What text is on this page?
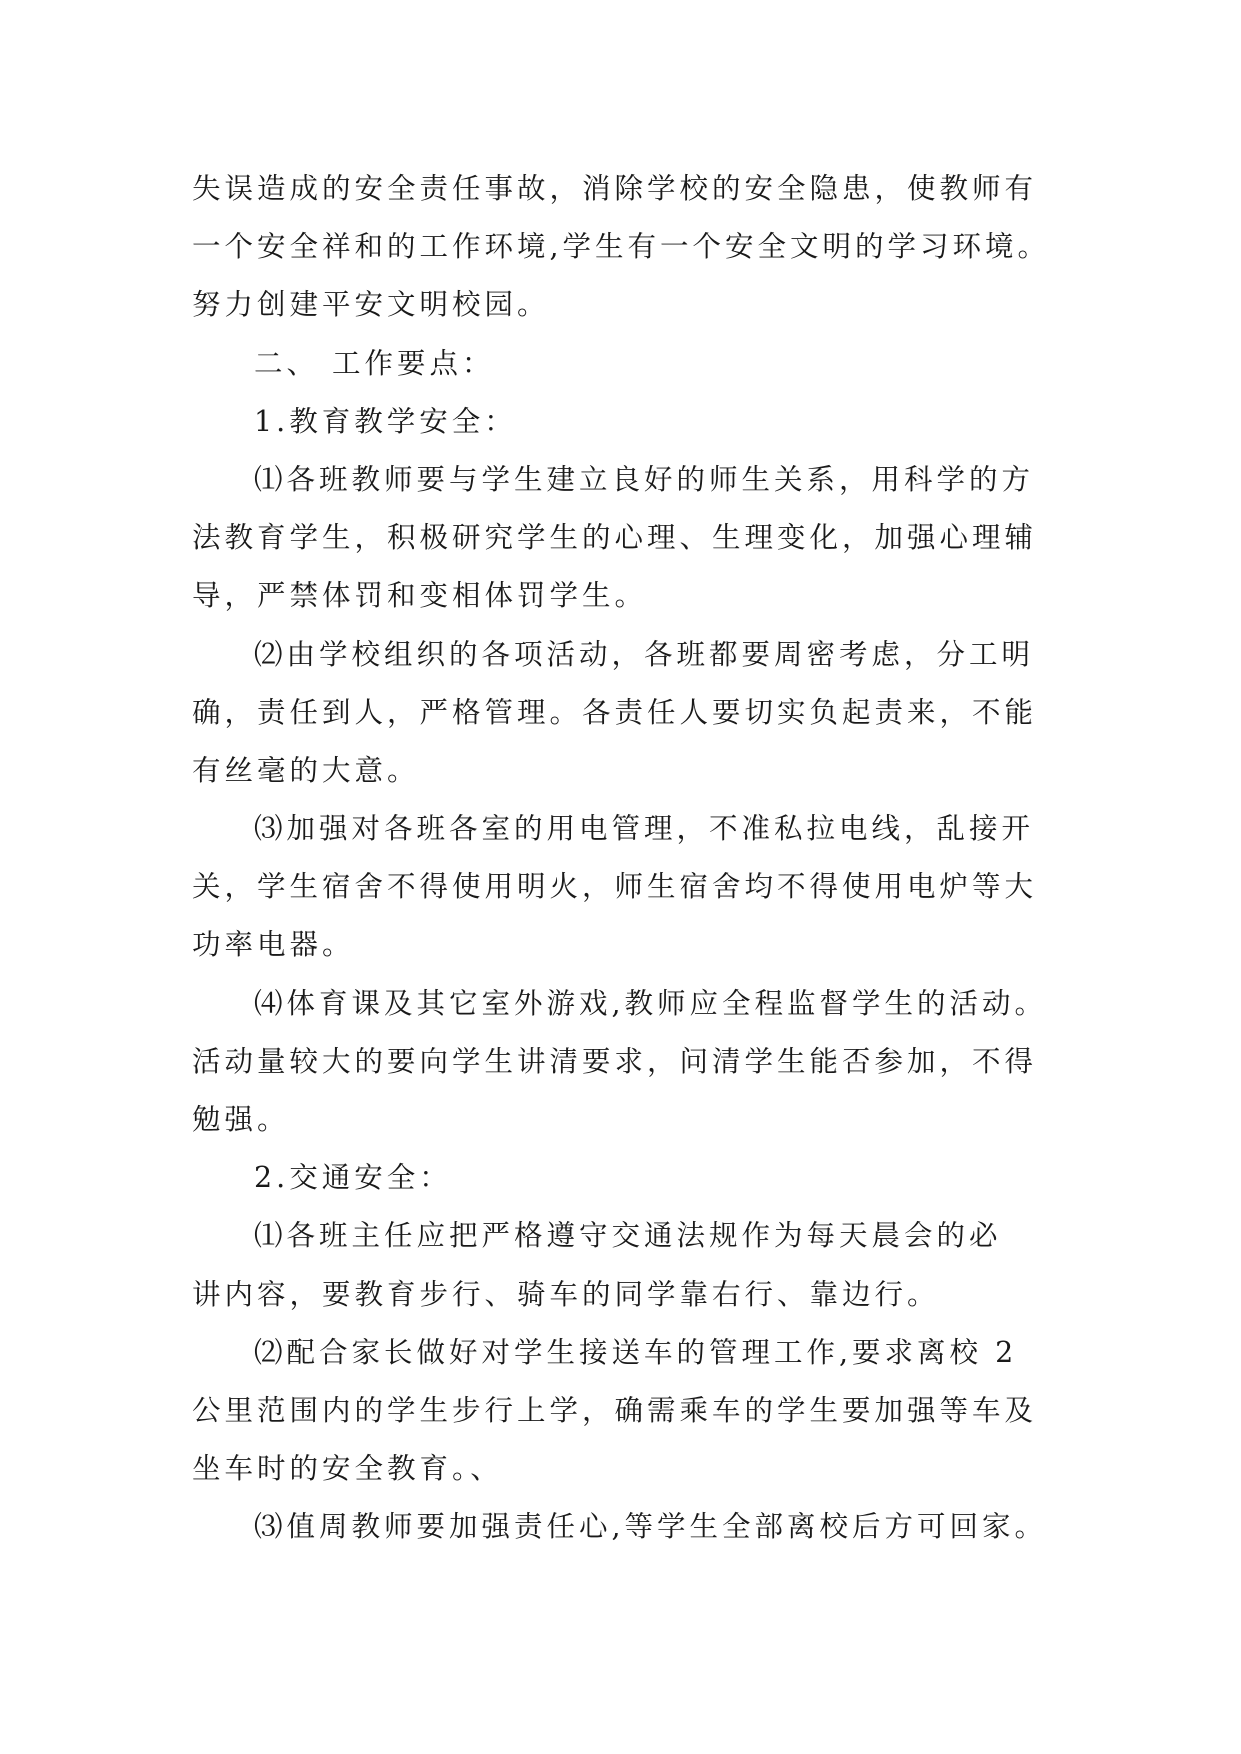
失误造成的安全责任事故，消除学校的安全隐患，使教师有
一个安全祥和的工作环境,学生有一个安全文明的学习环境。
努力创建平安文明校园。
二、 工作要点：
1.教育教学安全：
⑴各班教师要与学生建立良好的师生关系，用科学的方
法教育学生，积极研究学生的心理、生理变化，加强心理辅
导，严禁体罚和变相体罚学生。
⑵由学校组织的各项活动，各班都要周密考虑，分工明
确，责任到人，严格管理。各责任人要切实负起责来，不能
有丝毫的大意。
⑶加强对各班各室的用电管理，不准私拉电线，乱接开
关，学生宿舍不得使用明火，师生宿舍均不得使用电炉等大
功率电器。
⑷体育课及其它室外游戏,教师应全程监督学生的活动。
活动量较大的要向学生讲清要求，问清学生能否参加，不得
勉强。
2.交通安全：
⑴各班主任应把严格遵守交通法规作为每天晨会的必
讲内容，要教育步行、骑车的同学靠右行、靠边行。
⑵配合家长做好对学生接送车的管理工作,要求离校 2
公里范围内的学生步行上学，确需乘车的学生要加强等车及
坐车时的安全教育。、
⑶值周教师要加强责任心,等学生全部离校后方可回家。
